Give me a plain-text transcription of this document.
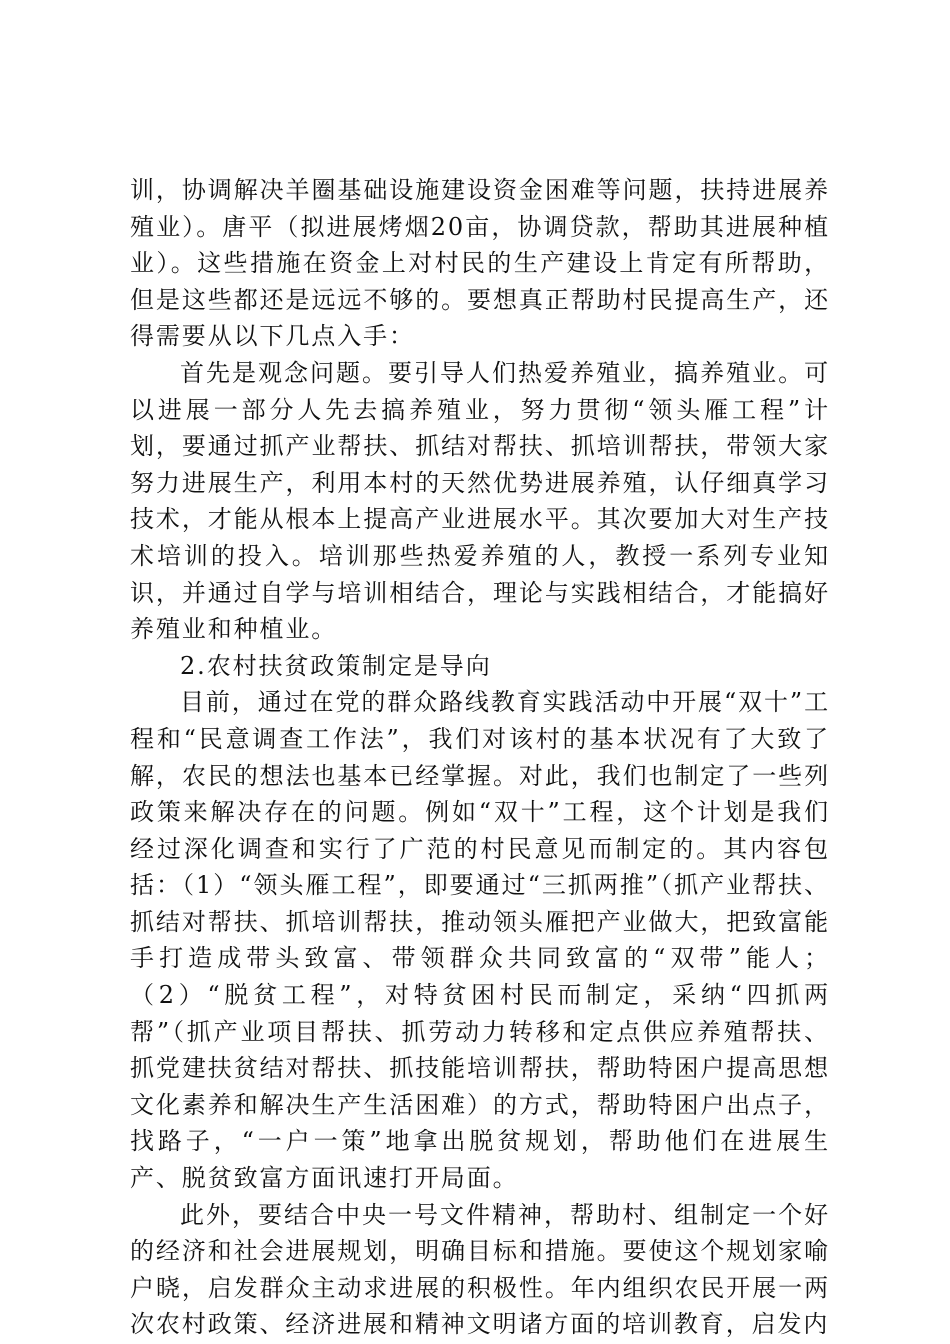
训，协调解决羊圈基础设施建设资金困难等问题，扶持进展养殖业）。唐平（拟进展烤烟20亩，协调贷款，帮助其进展种植业）。这些措施在资金上对村民的生产建设上肯定有所帮助，但是这些都还是远远不够的。要想真正帮助村民提高生产，还得需要从以下几点入手：

首先是观念问题。要引导人们热爱养殖业，搞养殖业。可以进展一部分人先去搞养殖业，努力贯彻“领头雁工程”计划，要通过抓产业帮扶、抓结对帮扶、抓培训帮扶，带领大家努力进展生产，利用本村的天然优势进展养殖，认仔细真学习技术，才能从根本上提高产业进展水平。其次要加大对生产技术培训的投入。培训那些热爱养殖的人，教授一系列专业知识，并通过自学与培训相结合，理论与实践相结合，才能搞好养殖业和种植业。

2.农村扶贫政策制定是导向

目前，通过在党的群众路线教育实践活动中开展“双十”工程和“民意调查工作法”，我们对该村的基本状况有了大致了解，农民的想法也基本已经掌握。对此，我们也制定了一些列政策来解决存在的问题。例如“双十”工程，这个计划是我们经过深化调查和实行了广范的村民意见而制定的。其内容包括：（1）“领头雁工程”，即要通过“三抓两推”（抓产业帮扶、抓结对帮扶、抓培训帮扶，推动领头雁把产业做大，把致富能手打造成带头致富、带领群众共同致富的“双带”能人；（2）“脱贫工程”，对特贫困村民而制定，采纳“四抓两帮”（抓产业项目帮扶、抓劳动力转移和定点供应养殖帮扶、抓党建扶贫结对帮扶、抓技能培训帮扶，帮助特困户提高思想文化素养和解决生产生活困难）的方式，帮助特困户出点子，找路子，“一户一策”地拿出脱贫规划，帮助他们在进展生产、脱贫致富方面讯速打开局面。

此外，要结合中央一号文件精神，帮助村、组制定一个好的经济和社会进展规划，明确目标和措施。要使这个规划家喻户晓，启发群众主动求进展的积极性。年内组织农民开展一两次农村政策、经济进展和精神文明诸方面的培训教育，启发内
